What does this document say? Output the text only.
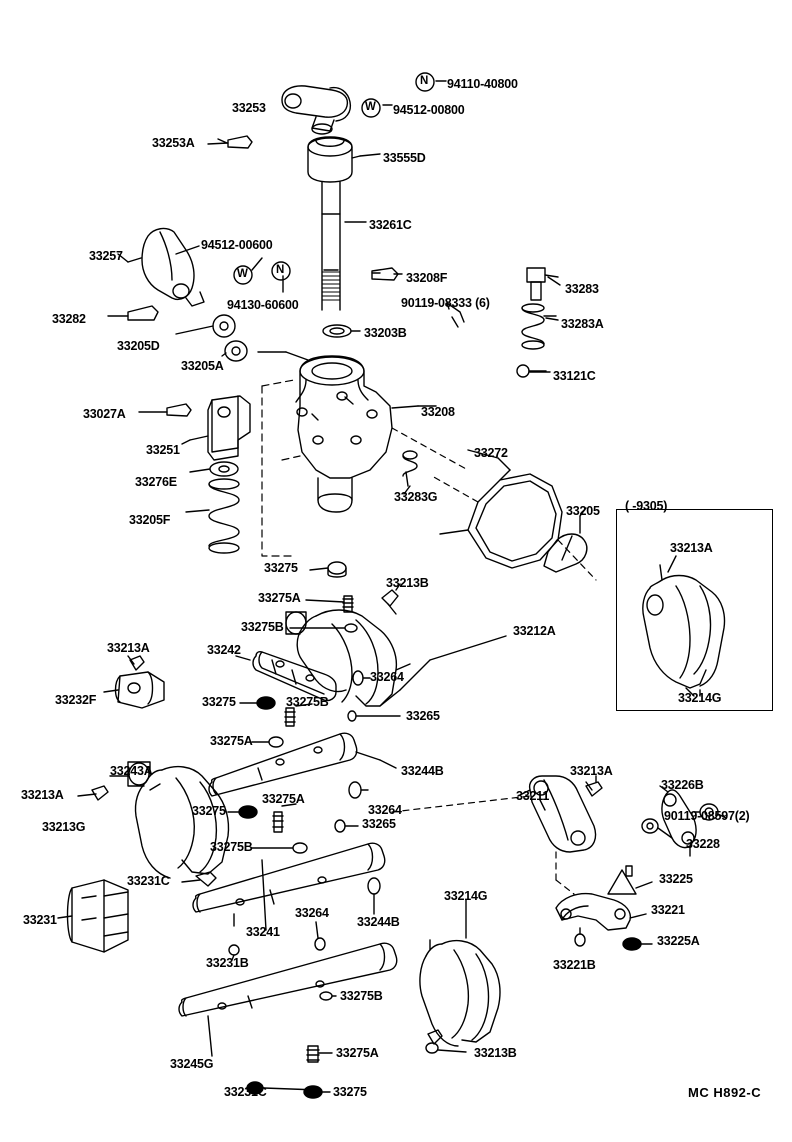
33253
94110-40800
94512-00800
33253A
33555D
33261C
94512-00600
33257
94130-60600
33208F
33283
90119-08333 (6)
33282	33283A
33203B
33205D
33205A
33121C
33027A	33208
33251	33272
33276E
33283G
33205
33205F
( -9305)
33213A
33275
33213B
33275A
33275B	33212A
33242
33213A
33264
33214G
33232F	33275	33275B
33265
33275A
33243A	33244B	33213A
33226B
33211
33213A
33264	90119-08597(2)
33275
33275A
33213G	33265
33228
33275B
33225
33231C
33214G
33244B
33221
33231	33264
33241
33225A
33231B	33221B
33275B
33275A	33213B
33245G
33231C	33275
N
W
W N
MC H892-C
